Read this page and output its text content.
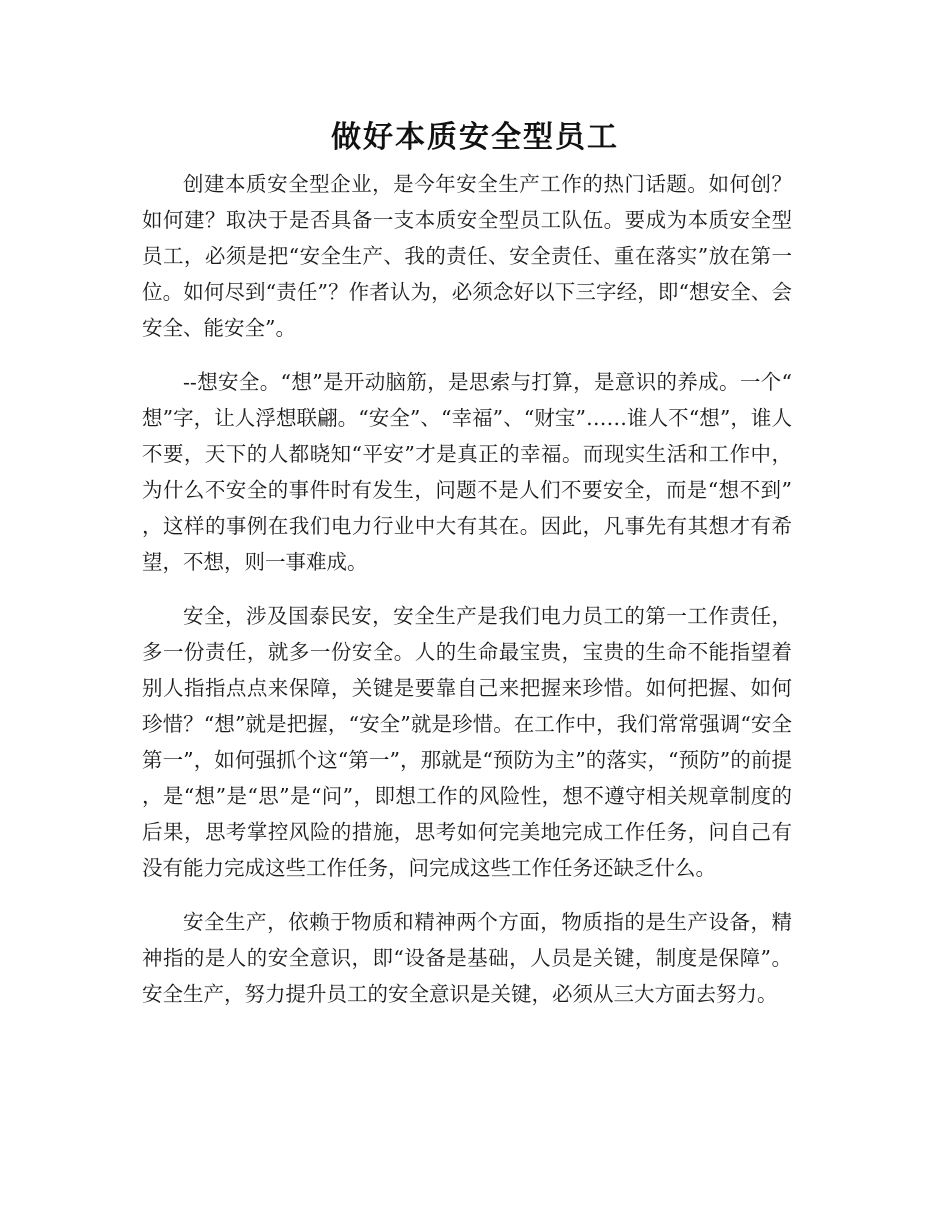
做好本质安全型员工

创建本质安全型企业，是今年安全生产工作的热门话题。如何创？如何建？取决于是否具备一支本质安全型员工队伍。要成为本质安全型员工，必须是把“安全生产、我的责任、安全责任、重在落实”放在第一位。如何尽到“责任”？作者认为，必须念好以下三字经，即“想安全、会安全、能安全”。

--想安全。“想”是开动脑筋，是思索与打算，是意识的养成。一个“想”字，让人浮想联翩。“安全”、“幸福”、“财宝”……谁人不“想”，谁人不要，天下的人都晓知“平安”才是真正的幸福。而现实生活和工作中，为什么不安全的事件时有发生，问题不是人们不要安全，而是“想不到”，这样的事例在我们电力行业中大有其在。因此，凡事先有其想才有希望，不想，则一事难成。

安全，涉及国泰民安，安全生产是我们电力员工的第一工作责任，多一份责任，就多一份安全。人的生命最宝贵，宝贵的生命不能指望着别人指指点点来保障，关键是要靠自己来把握来珍惜。如何把握、如何珍惜？“想”就是把握，“安全”就是珍惜。在工作中，我们常常强调“安全第一”，如何强抓个这“第一”，那就是“预防为主”的落实，“预防”的前提，是“想”是“思”是“问”，即想工作的风险性，想不遵守相关规章制度的后果，思考掌控风险的措施，思考如何完美地完成工作任务，问自己有没有能力完成这些工作任务，问完成这些工作任务还缺乏什么。

安全生产，依赖于物质和精神两个方面，物质指的是生产设备，精神指的是人的安全意识，即“设备是基础，人员是关键，制度是保障”。安全生产，努力提升员工的安全意识是关键，必须从三大方面去努力。
